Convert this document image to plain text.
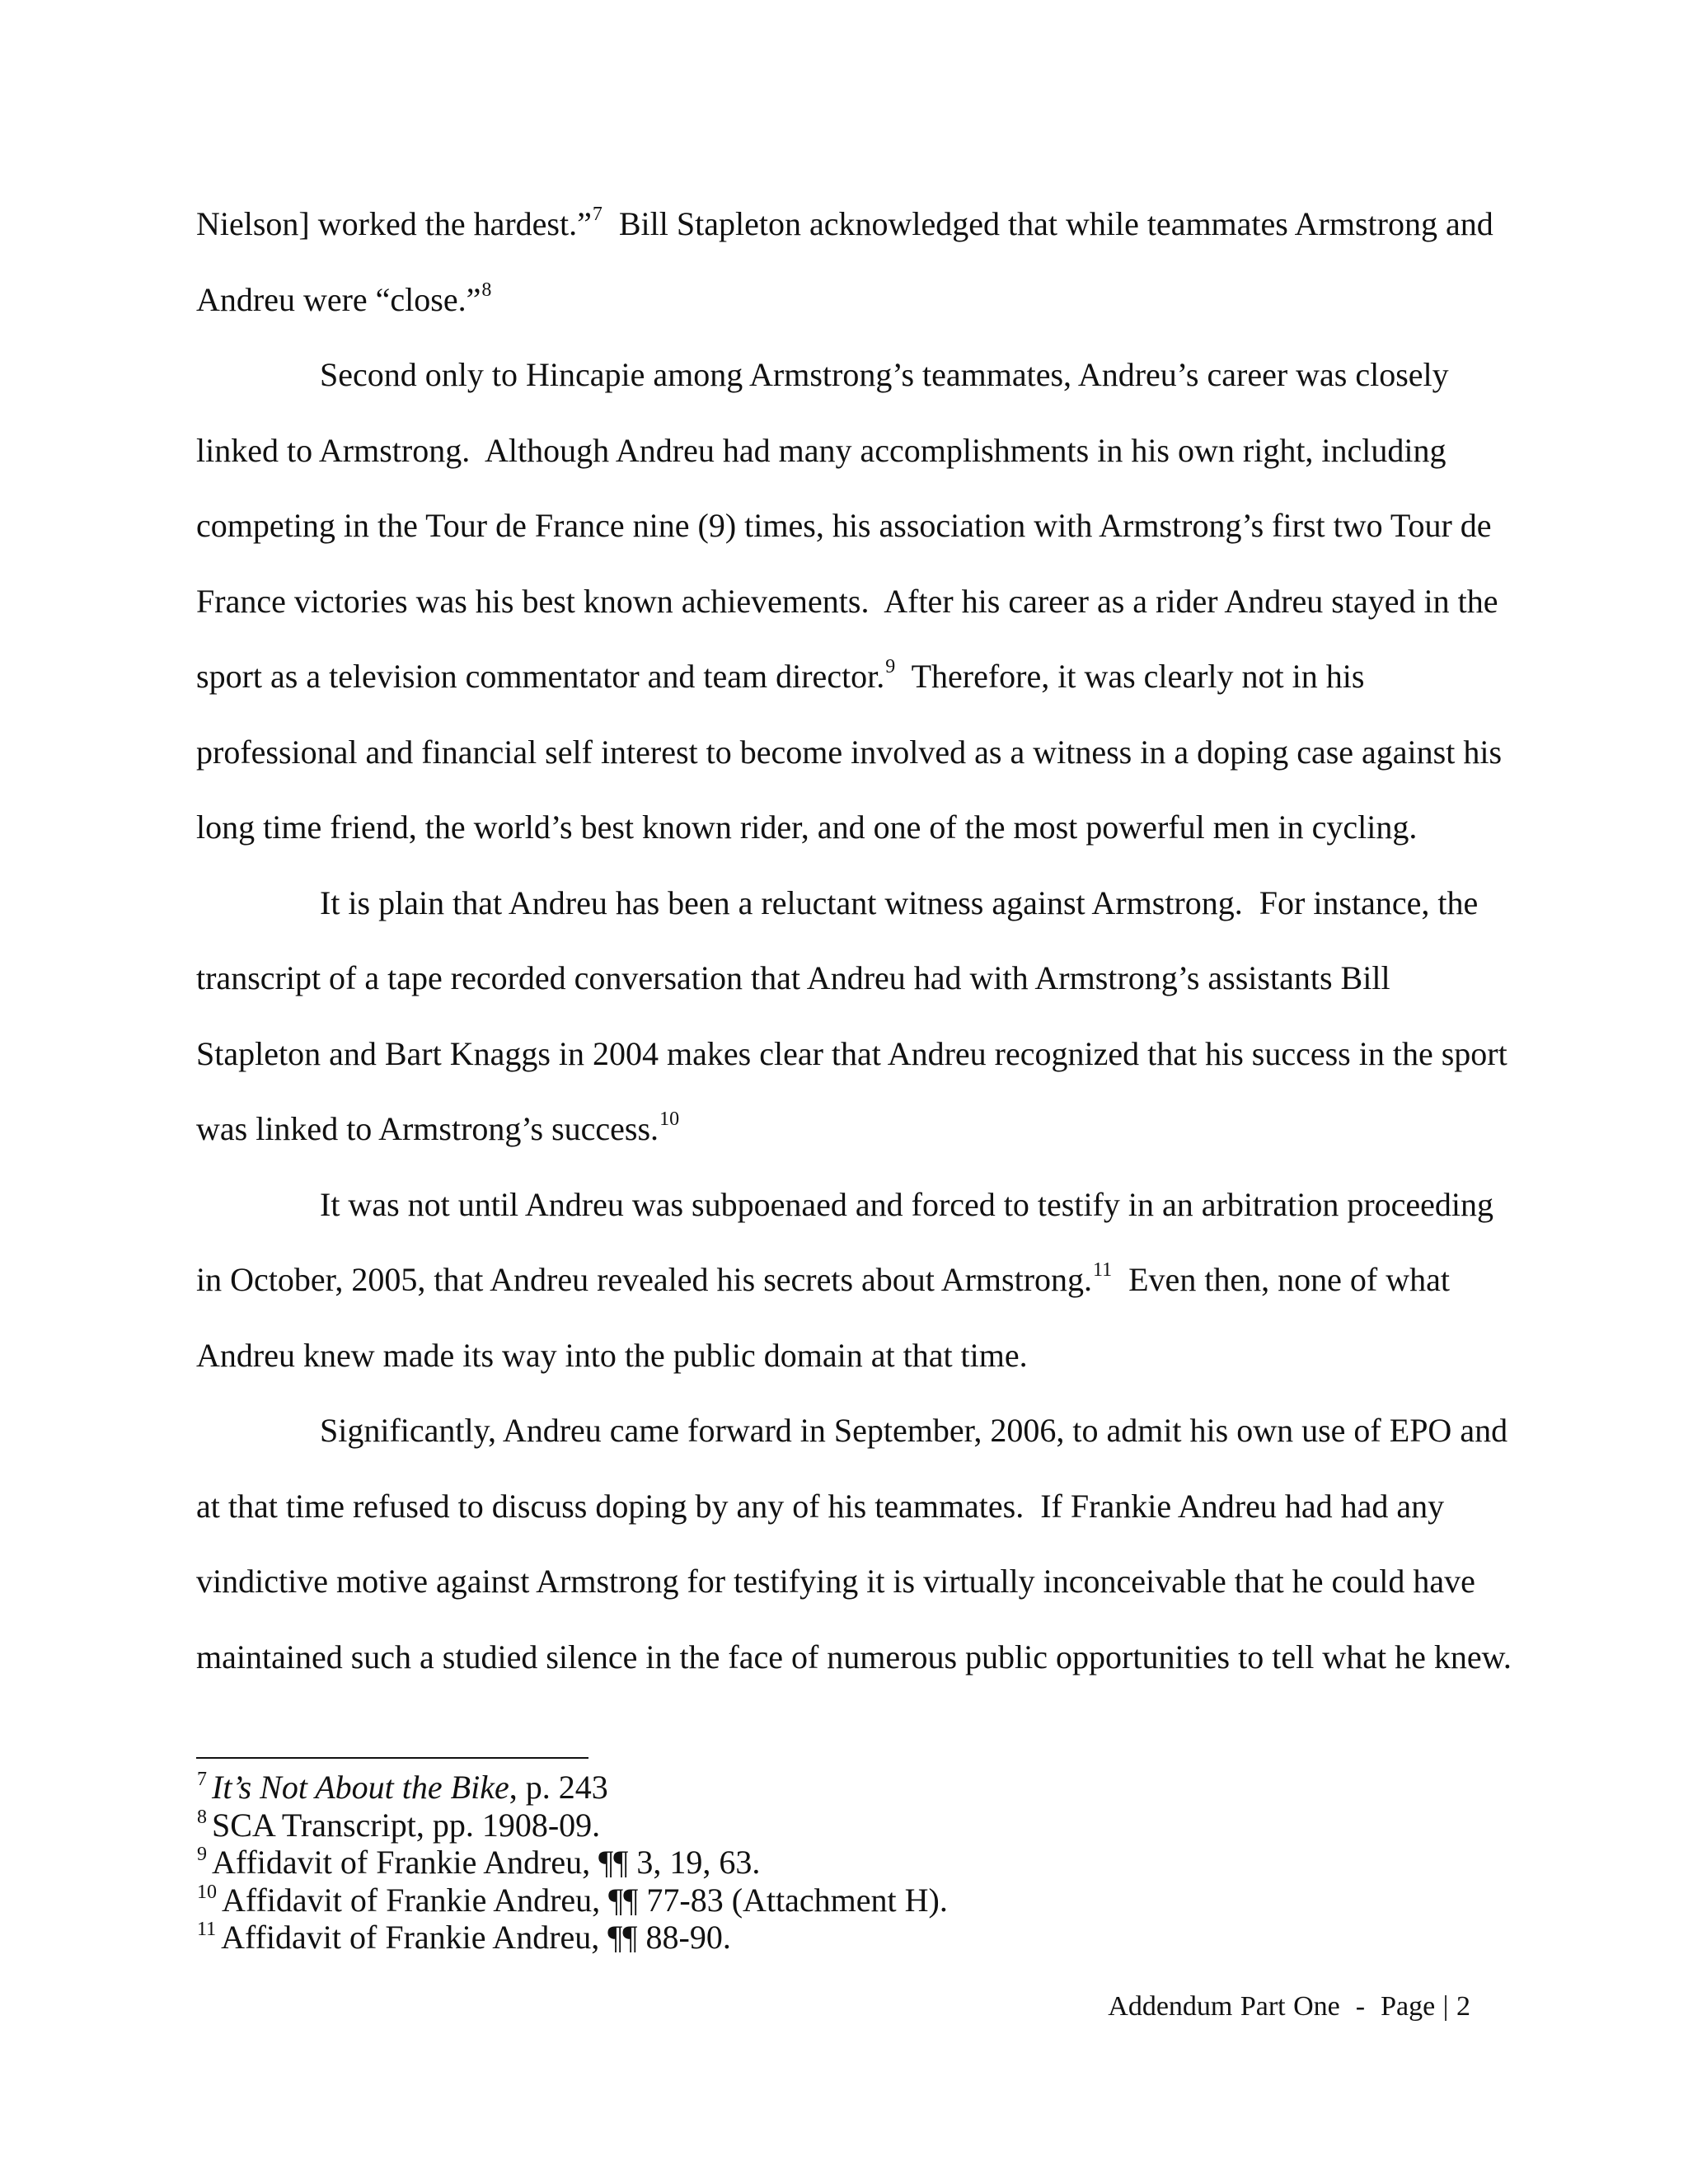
Nielson] worked the hardest.”$^7$  Bill Stapleton acknowledged that while teammates Armstrong and Andreu were “close.”$^8$

Second only to Hincapie among Armstrong’s teammates, Andreu’s career was closely linked to Armstrong.  Although Andreu had many accomplishments in his own right, including competing in the Tour de France nine (9) times, his association with Armstrong’s first two Tour de France victories was his best known achievements.  After his career as a rider Andreu stayed in the sport as a television commentator and team director.$^9$  Therefore, it was clearly not in his professional and financial self interest to become involved as a witness in a doping case against his long time friend, the world’s best known rider, and one of the most powerful men in cycling.

It is plain that Andreu has been a reluctant witness against Armstrong.  For instance, the transcript of a tape recorded conversation that Andreu had with Armstrong’s assistants Bill Stapleton and Bart Knaggs in 2004 makes clear that Andreu recognized that his success in the sport was linked to Armstrong’s success.$^{10}$

It was not until Andreu was subpoenaed and forced to testify in an arbitration proceeding in October, 2005, that Andreu revealed his secrets about Armstrong.$^{11}$  Even then, none of what Andreu knew made its way into the public domain at that time.

Significantly, Andreu came forward in September, 2006, to admit his own use of EPO and at that time refused to discuss doping by any of his teammates.  If Frankie Andreu had had any vindictive motive against Armstrong for testifying it is virtually inconceivable that he could have maintained such a studied silence in the face of numerous public opportunities to tell what he knew.

$^7$ It’s Not About the Bike, p. 243

$^8$ SCA Transcript, pp. 1908-09.

$^9$ Affidavit of Frankie Andreu, ¶¶ 3, 19, 63.

$^{10}$ Affidavit of Frankie Andreu, ¶¶ 77-83 (Attachment H).

$^{11}$ Affidavit of Frankie Andreu, ¶¶ 88-90.

Addendum Part One  -  Page | 2
